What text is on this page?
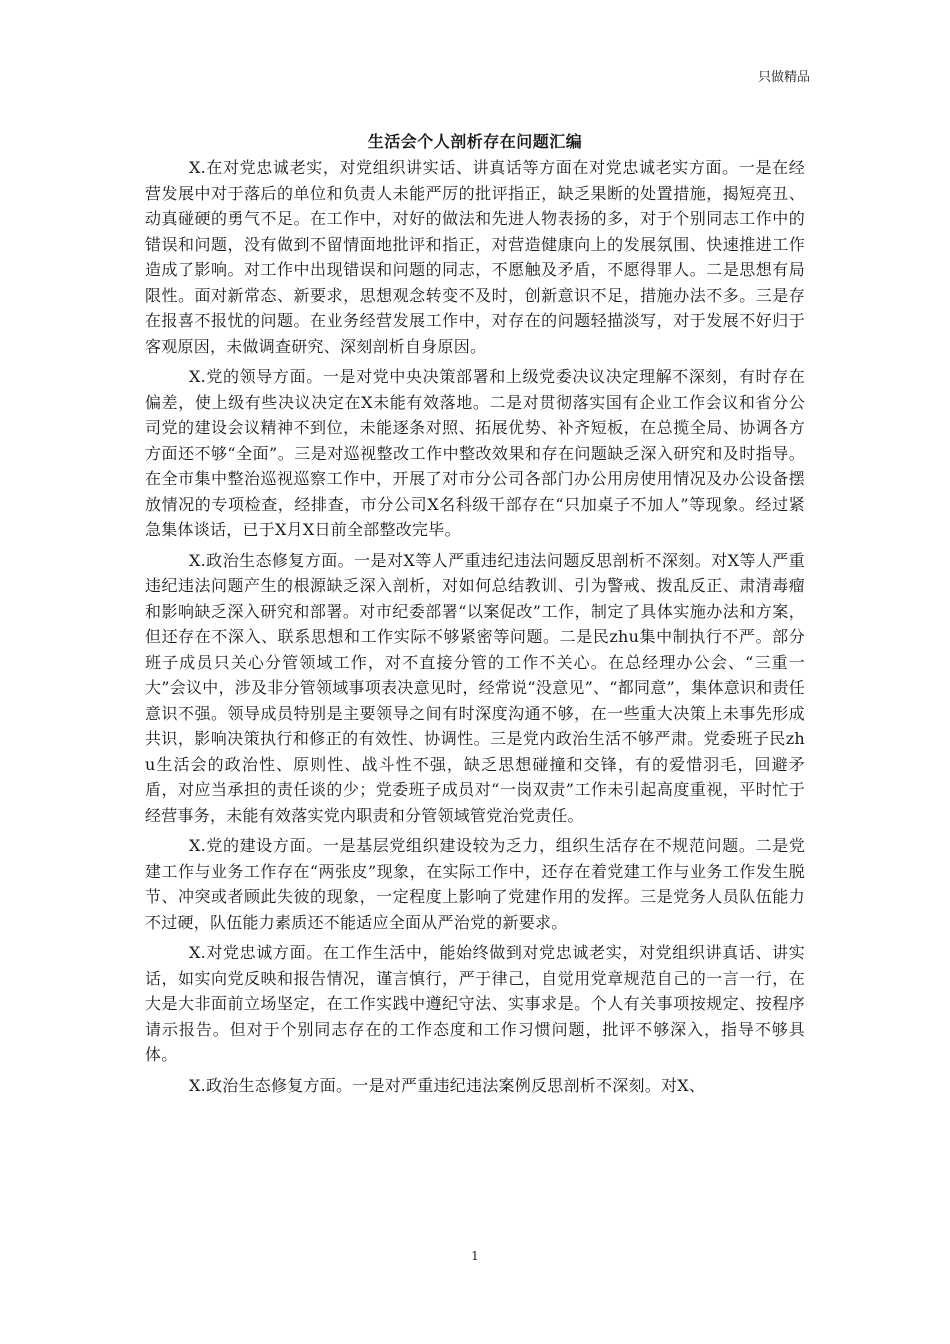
只做精品
生活会个人剖析存在问题汇编

X.在对党忠诚老实，对党组织讲实话、讲真话等方面在对党忠诚老实方面。一是在经营发展中对于落后的单位和负责人未能严厉的批评指正，缺乏果断的处置措施，揭短亮丑、动真碰硬的勇气不足。在工作中，对好的做法和先进人物表扬的多，对于个别同志工作中的错误和问题，没有做到不留情面地批评和指正，对营造健康向上的发展氛围、快速推进工作造成了影响。对工作中出现错误和问题的同志，不愿触及矛盾，不愿得罪人。二是思想有局限性。面对新常态、新要求，思想观念转变不及时，创新意识不足，措施办法不多。三是存在报喜不报忧的问题。在业务经营发展工作中，对存在的问题轻描淡写，对于发展不好归于客观原因，未做调查研究、深刻剖析自身原因。

X.党的领导方面。一是对党中央决策部署和上级党委决议决定理解不深刻，有时存在偏差，使上级有些决议决定在X未能有效落地。二是对贯彻落实国有企业工作会议和省分公司党的建设会议精神不到位，未能逐条对照、拓展优势、补齐短板，在总揽全局、协调各方方面还不够“全面”。三是对巡视整改工作中整改效果和存在问题缺乏深入研究和及时指导。在全市集中整治巡视巡察工作中，开展了对市分公司各部门办公用房使用情况及办公设备摆放情况的专项检查，经排查，市分公司X名科级干部存在“只加桌子不加人”等现象。经过紧急集体谈话，已于X月X日前全部整改完毕。

X.政治生态修复方面。一是对X等人严重违纪违法问题反思剖析不深刻。对X等人严重违纪违法问题产生的根源缺乏深入剖析，对如何总结教训、引为警戒、拨乱反正、肃清毒瘤和影响缺乏深入研究和部署。对市纪委部署“以案促改”工作，制定了具体实施办法和方案，但还存在不深入、联系思想和工作实际不够紧密等问题。二是民zhu集中制执行不严。部分班子成员只关心分管领域工作，对不直接分管的工作不关心。在总经理办公会、“三重一大”会议中，涉及非分管领域事项表决意见时，经常说“没意见”、“都同意”，集体意识和责任意识不强。领导成员特别是主要领导之间有时深度沟通不够，在一些重大决策上未事先形成共识，影响决策执行和修正的有效性、协调性。三是党内政治生活不够严肃。党委班子民zhu生活会的政治性、原则性、战斗性不强，缺乏思想碰撞和交锋，有的爱惜羽毛，回避矛盾，对应当承担的责任谈的少；党委班子成员对“一岗双责”工作未引起高度重视，平时忙于经营事务，未能有效落实党内职责和分管领域管党治党责任。

X.党的建设方面。一是基层党组织建设较为乏力，组织生活存在不规范问题。二是党建工作与业务工作存在“两张皮”现象，在实际工作中，还存在着党建工作与业务工作发生脱节、冲突或者顾此失彼的现象，一定程度上影响了党建作用的发挥。三是党务人员队伍能力不过硬，队伍能力素质还不能适应全面从严治党的新要求。

X.对党忠诚方面。在工作生活中，能始终做到对党忠诚老实，对党组织讲真话、讲实话，如实向党反映和报告情况，谨言慎行，严于律己，自觉用党章规范自己的一言一行，在大是大非面前立场坚定，在工作实践中遵纪守法、实事求是。个人有关事项按规定、按程序请示报告。但对于个别同志存在的工作态度和工作习惯问题，批评不够深入，指导不够具体。

X.政治生态修复方面。一是对严重违纪违法案例反思剖析不深刻。对X、

1
